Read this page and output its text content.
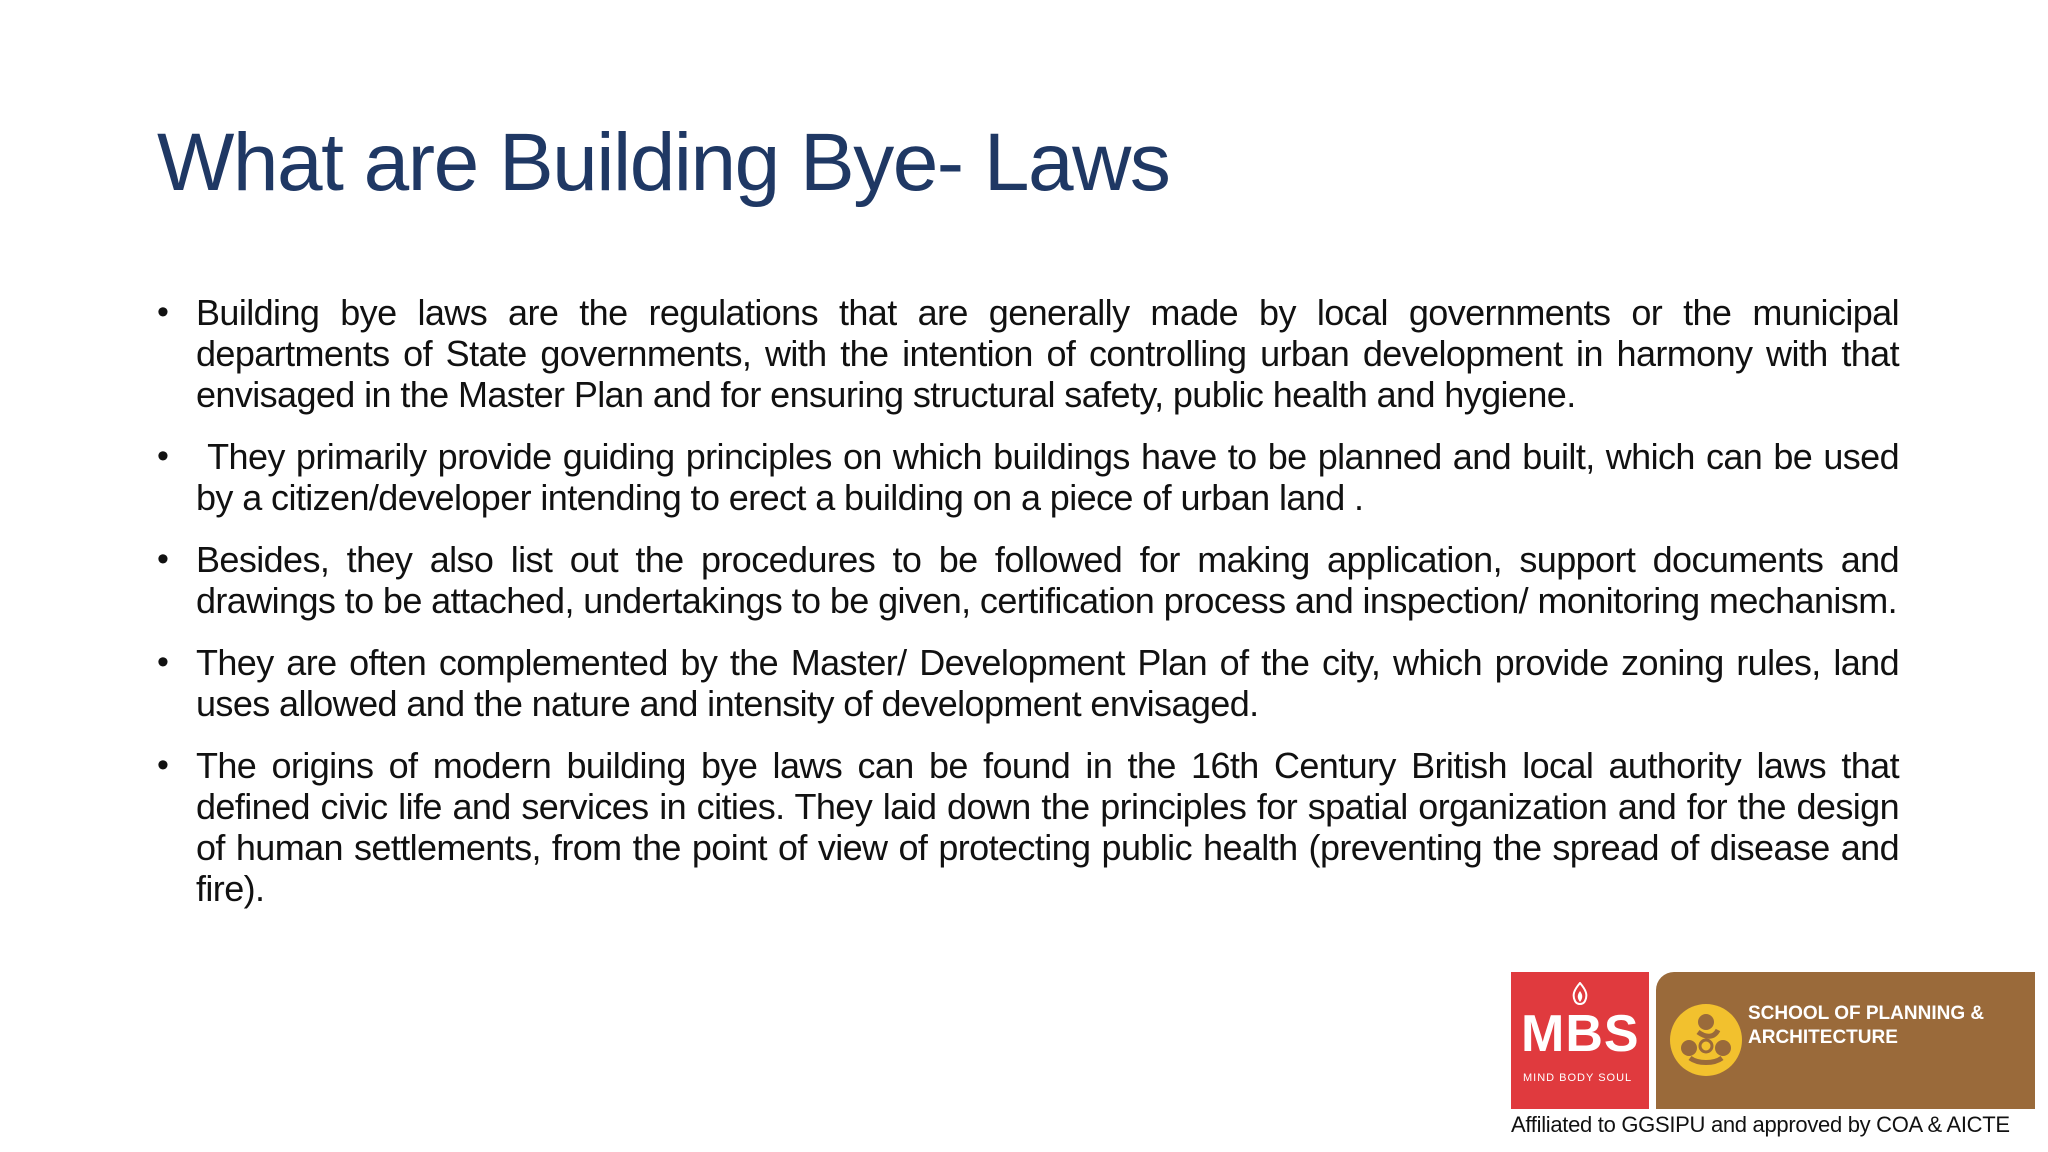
What are Building Bye- Laws
• Building bye laws are the regulations that are generally made by local governments or the municipal departments of State governments, with the intention of controlling urban development in harmony with that envisaged in the Master Plan and for ensuring structural safety, public health and hygiene.
• They primarily provide guiding principles on which buildings have to be planned and built, which can be used by a citizen/developer intending to erect a building on a piece of urban land .
• Besides, they also list out the procedures to be followed for making application, support documents and drawings to be attached, undertakings to be given, certification process and inspection/ monitoring mechanism.
• They are often complemented by the Master/ Development Plan of the city, which provide zoning rules, land uses allowed and the nature and intensity of development envisaged.
• The origins of modern building bye laws can be found in the 16th Century British local authority laws that defined civic life and services in cities. They laid down the principles for spatial organization and for the design of human settlements, from the point of view of protecting public health (preventing the spread of disease and fire).
MBS
MIND BODY SOUL
SCHOOL OF PLANNING & ARCHITECTURE
Affiliated to GGSIPU and approved by COA & AICTE
